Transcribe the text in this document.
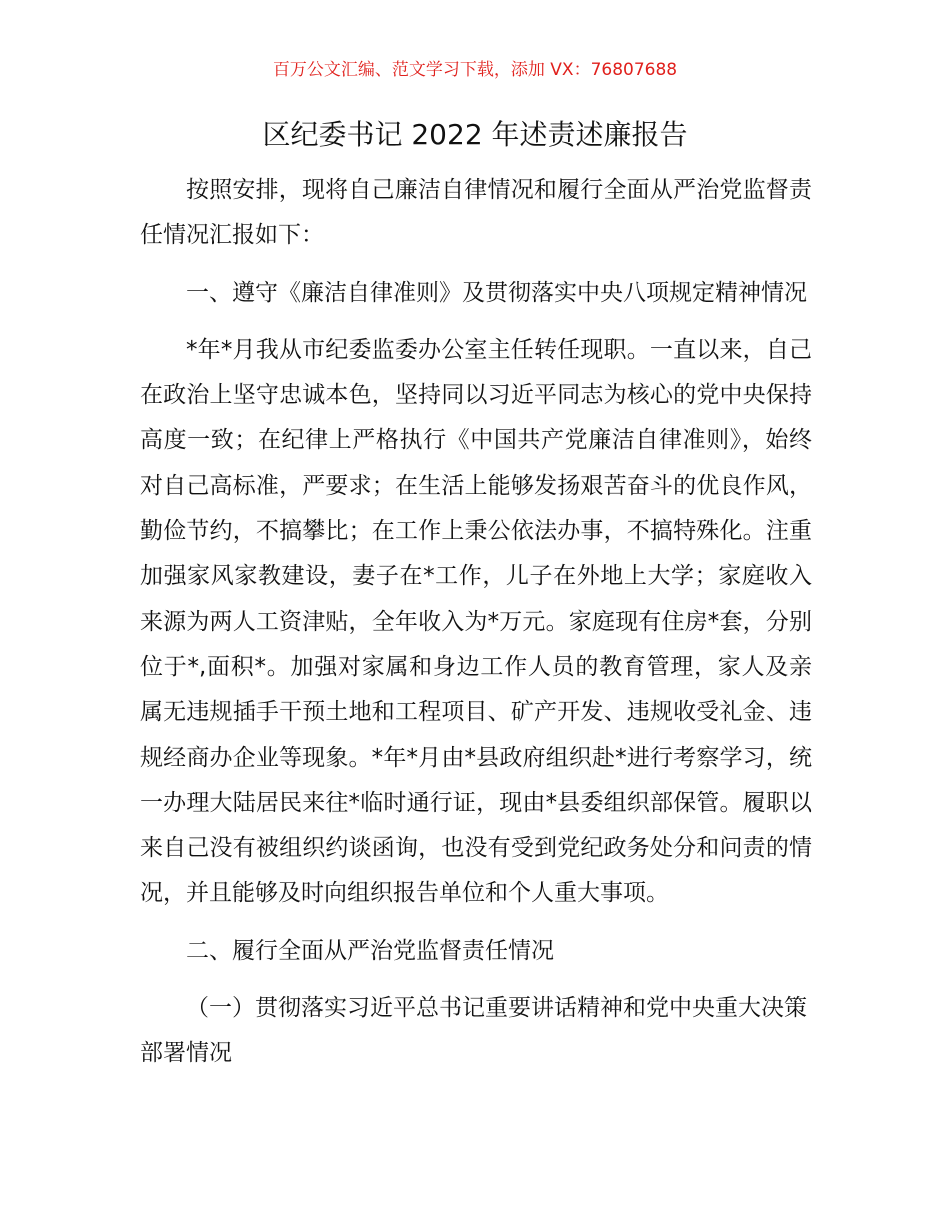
百万公文汇编、范文学习下载，添加 VX：76807688
区纪委书记 2022 年述责述廉报告

按照安排，现将自己廉洁自律情况和履行全面从严治党监督责任情况汇报如下：

一、遵守《廉洁自律准则》及贯彻落实中央八项规定精神情况

*年*月我从市纪委监委办公室主任转任现职。一直以来，自己在政治上坚守忠诚本色，坚持同以习近平同志为核心的党中央保持高度一致；在纪律上严格执行《中国共产党廉洁自律准则》，始终对自己高标准，严要求；在生活上能够发扬艰苦奋斗的优良作风，勤俭节约，不搞攀比；在工作上秉公依法办事，不搞特殊化。注重加强家风家教建设，妻子在*工作，儿子在外地上大学；家庭收入来源为两人工资津贴，全年收入为*万元。家庭现有住房*套，分别位于*,面积*。加强对家属和身边工作人员的教育管理，家人及亲属无违规插手干预土地和工程项目、矿产开发、违规收受礼金、违规经商办企业等现象。*年*月由*县政府组织赴*进行考察学习，统一办理大陆居民来往*临时通行证，现由*县委组织部保管。履职以来自己没有被组织约谈函询，也没有受到党纪政务处分和问责的情况，并且能够及时向组织报告单位和个人重大事项。

二、履行全面从严治党监督责任情况

（一）贯彻落实习近平总书记重要讲话精神和党中央重大决策部署情况
